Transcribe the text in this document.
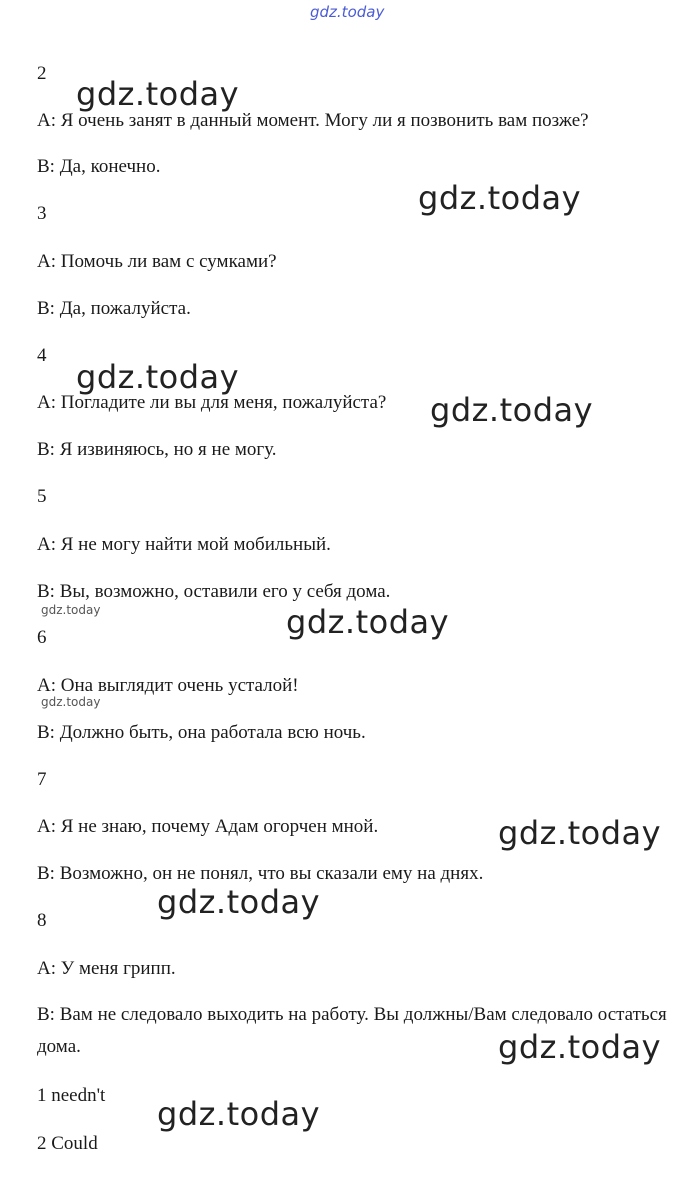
gdz.today
2
A: Я очень занят в данный момент. Могу ли я позвонить вам позже?
B: Да, конечно.
3
A: Помочь ли вам с сумками?
B: Да, пожалуйста.
4
A: Погладите ли вы для меня, пожалуйста?
B: Я извиняюсь, но я не могу.
5
A: Я не могу найти мой мобильный.
B: Вы, возможно, оставили его у себя дома.
6
A: Она выглядит очень усталой!
B: Должно быть, она работала всю ночь.
7
A: Я не знаю, почему Адам огорчен мной.
B: Возможно, он не понял, что вы сказали ему на днях.
8
A: У меня грипп.
B: Вам не следовало выходить на работу. Вы должны/Вам следовало остаться дома.
1 needn't
2 Could
gdz.today
gdz.today
gdz.today
gdz.today
gdz.today
gdz.today
gdz.today
gdz.today
gdz.today
gdz.today
gdz.today
